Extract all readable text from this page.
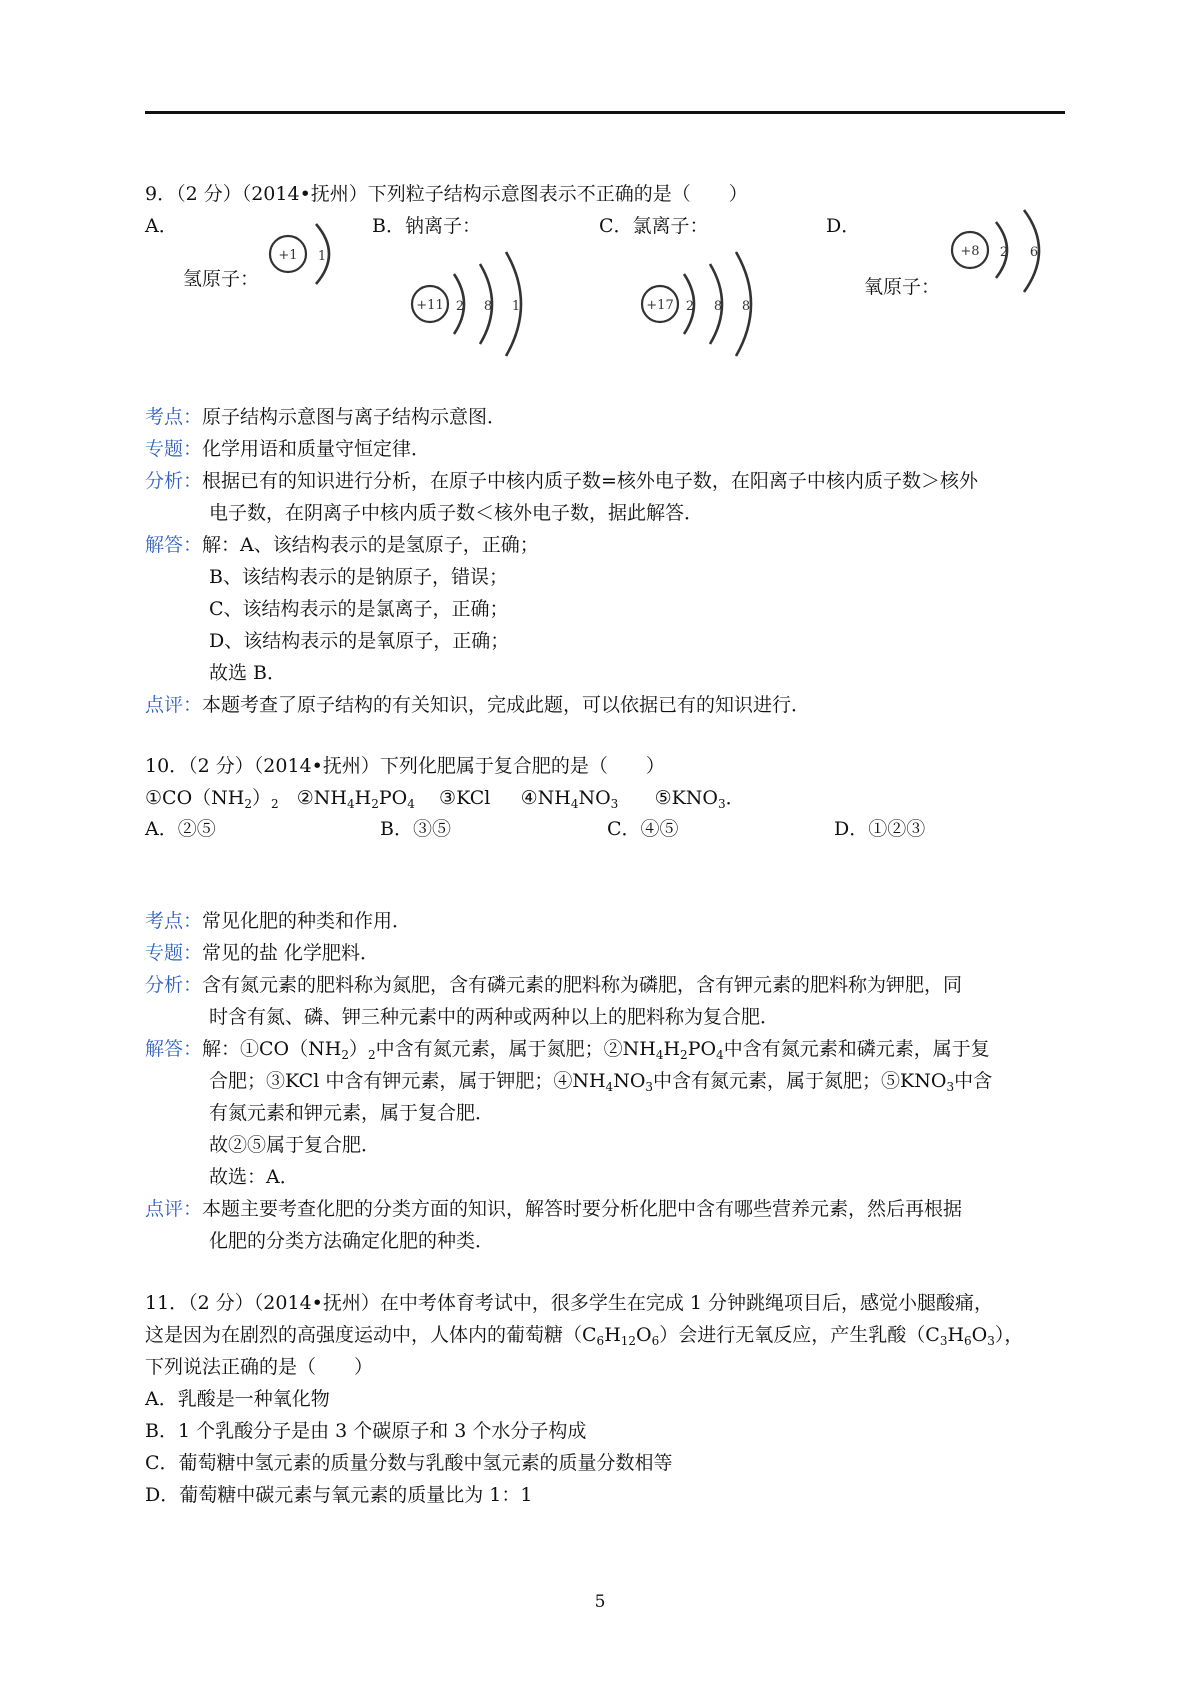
9．（2 分）（2014•抚州）下列粒子结构示意图表示不正确的是（　　）
A．
氢原子：
B．钠离子：	C．氯离子：	D．
氧原子：
+1 1
+11 2 8 1	+17 2 8 8
+8 2 6
考点：原子结构示意图与离子结构示意图．
专题：化学用语和质量守恒定律．
分析：根据已有的知识进行分析，在原子中核内质子数=核外电子数，在阳离子中核内质子数＞核外
电子数，在阴离子中核内质子数＜核外电子数，据此解答．
解答：解：A、该结构表示的是氢原子，正确；
B、该结构表示的是钠原子，错误；
C、该结构表示的是氯离子，正确；
D、该结构表示的是氧原子，正确；
故选 B．
点评：本题考查了原子结构的有关知识，完成此题，可以依据已有的知识进行．
10．（2 分）（2014•抚州）下列化肥属于复合肥的是（　　）
$①CO(NH_2)_2$ $②NH_4H_2PO_4$ ③KCl $④NH_4NO_3$ $⑤KNO_3$．
A．②⑤	B．③⑤	C．④⑤	D．①②③
考点：常见化肥的种类和作用．
专题：常见的盐 化学肥料．
分析：含有氮元素的肥料称为氮肥，含有磷元素的肥料称为磷肥，含有钾元素的肥料称为钾肥，同
时含有氮、磷、钾三种元素中的两种或两种以上的肥料称为复合肥．
解答：解：$①CO(NH_2)_2$中含有氮元素，属于氮肥；$②NH_4H_2PO_4$中含有氮元素和磷元素，属于复
合肥；③KCl 中含有钾元素，属于钾肥；$④NH_4NO_3$中含有氮元素，属于氮肥；$⑤KNO_3$中含
有氮元素和钾元素，属于复合肥．
故②⑤属于复合肥．
故选：A．
点评：本题主要考查化肥的分类方面的知识，解答时要分析化肥中含有哪些营养元素，然后再根据
化肥的分类方法确定化肥的种类．
11．（2 分）（2014•抚州）在中考体育考试中，很多学生在完成 1 分钟跳绳项目后，感觉小腿酸痛，
这是因为在剧烈的高强度运动中，人体内的葡萄糖$(C_6H_{12}O_6)$会进行无氧反应，产生乳酸$(C_3H_6O_3)$，
下列说法正确的是（　　）
A．乳酸是一种氧化物
B．1 个乳酸分子是由 3 个碳原子和 3 个水分子构成
C．葡萄糖中氢元素的质量分数与乳酸中氢元素的质量分数相等
D．葡萄糖中碳元素与氧元素的质量比为 1：1
5
